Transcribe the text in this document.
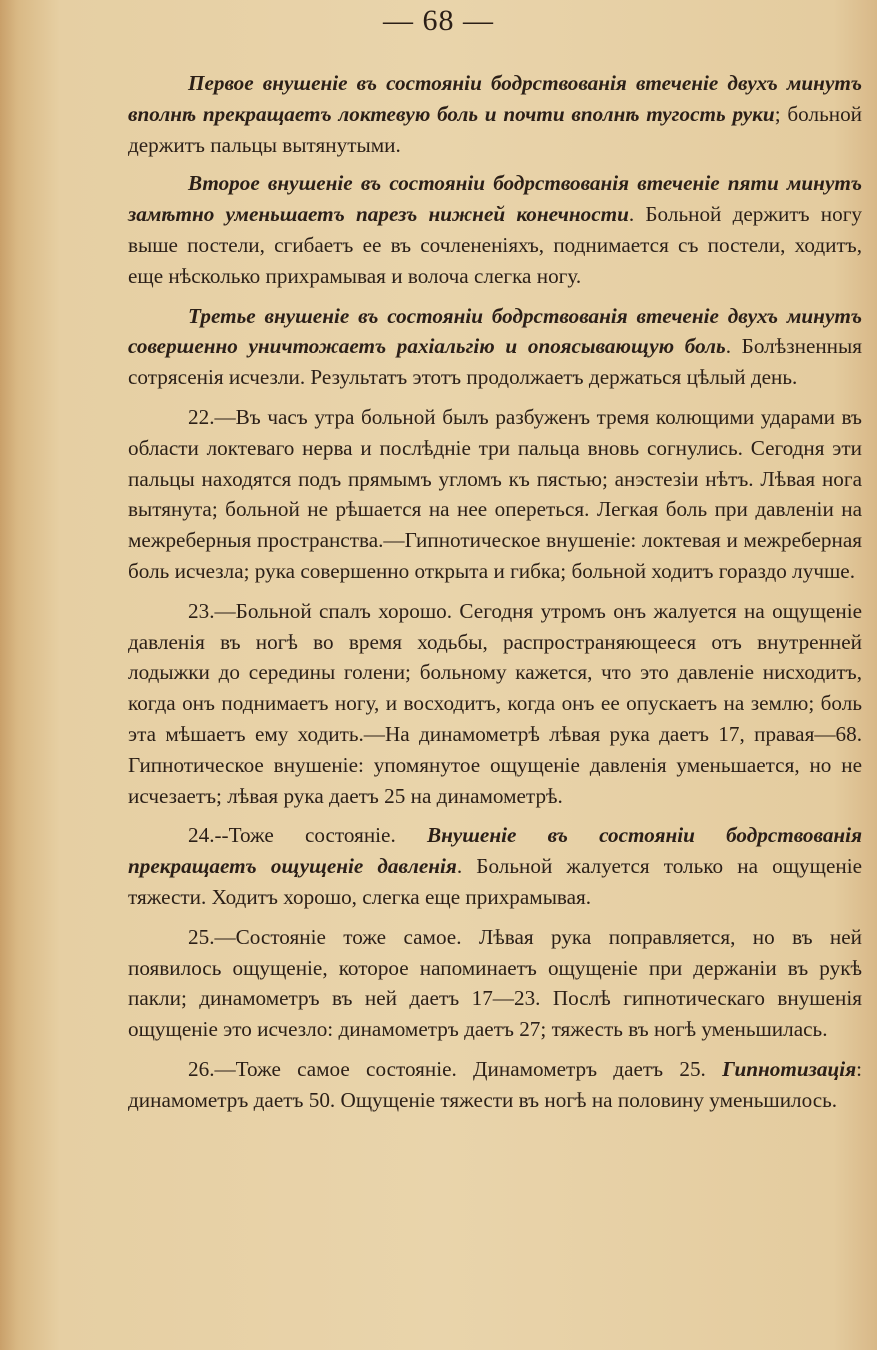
— 68 —

Первое внушеніе въ состояніи бодрствованія втеченіе двухъ минутъ вполнѣ прекращаетъ локтевую боль и почти вполнѣ тугость руки; больной держитъ пальцы вытянутыми.

Второе внушеніе въ состояніи бодрствованія втеченіе пяти минутъ замѣтно уменьшаетъ парезъ нижней конечности. Больной держитъ ногу выше постели, сгибаетъ ее въ сочлененіяхъ, поднимается съ постели, ходитъ, еще нѣсколько прихрамывая и волоча слегка ногу.

Третье внушеніе въ состояніи бодрствованія втеченіе двухъ минутъ совершенно уничтожаетъ рахіальгію и опоясывающую боль. Болѣзненныя сотрясенія исчезли. Результатъ этотъ продолжаетъ держаться цѣлый день.

22.—Въ часъ утра больной былъ разбуженъ тремя колющими ударами въ области локтеваго нерва и послѣдніе три пальца вновь согнулись. Сегодня эти пальцы находятся подъ прямымъ угломъ къ пястью; анэстезіи нѣтъ. Лѣвая нога вытянута; больной не рѣшается на нее опереться. Легкая боль при давленіи на межреберныя пространства.—Гипнотическое внушеніе: локтевая и межреберная боль исчезла; рука совершенно открыта и гибка; больной ходитъ гораздо лучше.

23.—Больной спалъ хорошо. Сегодня утромъ онъ жалуется на ощущеніе давленія въ ногѣ во время ходьбы, распространяющееся отъ внутренней лодыжки до середины голени; больному кажется, что это давленіе нисходитъ, когда онъ поднимаетъ ногу, и восходитъ, когда онъ ее опускаетъ на землю; боль эта мѣшаетъ ему ходить.—На динамометрѣ лѣвая рука даетъ 17, правая—68. Гипнотическое внушеніе: упомянутое ощущеніе давленія уменьшается, но не исчезаетъ; лѣвая рука даетъ 25 на динамометрѣ.

24.--Тоже состояніе. Внушеніе въ состояніи бодрствованія прекращаетъ ощущеніе давленія. Больной жалуется только на ощущеніе тяжести. Ходитъ хорошо, слегка еще прихрамывая.

25.—Состояніе тоже самое. Лѣвая рука поправляется, но въ ней появилось ощущеніе, которое напоминаетъ ощущеніе при держаніи въ рукѣ пакли; динамометръ въ ней даетъ 17—23. Послѣ гипнотическаго внушенія ощущеніе это исчезло: динамометръ даетъ 27; тяжесть въ ногѣ уменьшилась.

26.—Тоже самое состояніе. Динамометръ даетъ 25. Гипнотизація: динамометръ даетъ 50. Ощущеніе тяжести въ ногѣ на половину уменьшилось.
